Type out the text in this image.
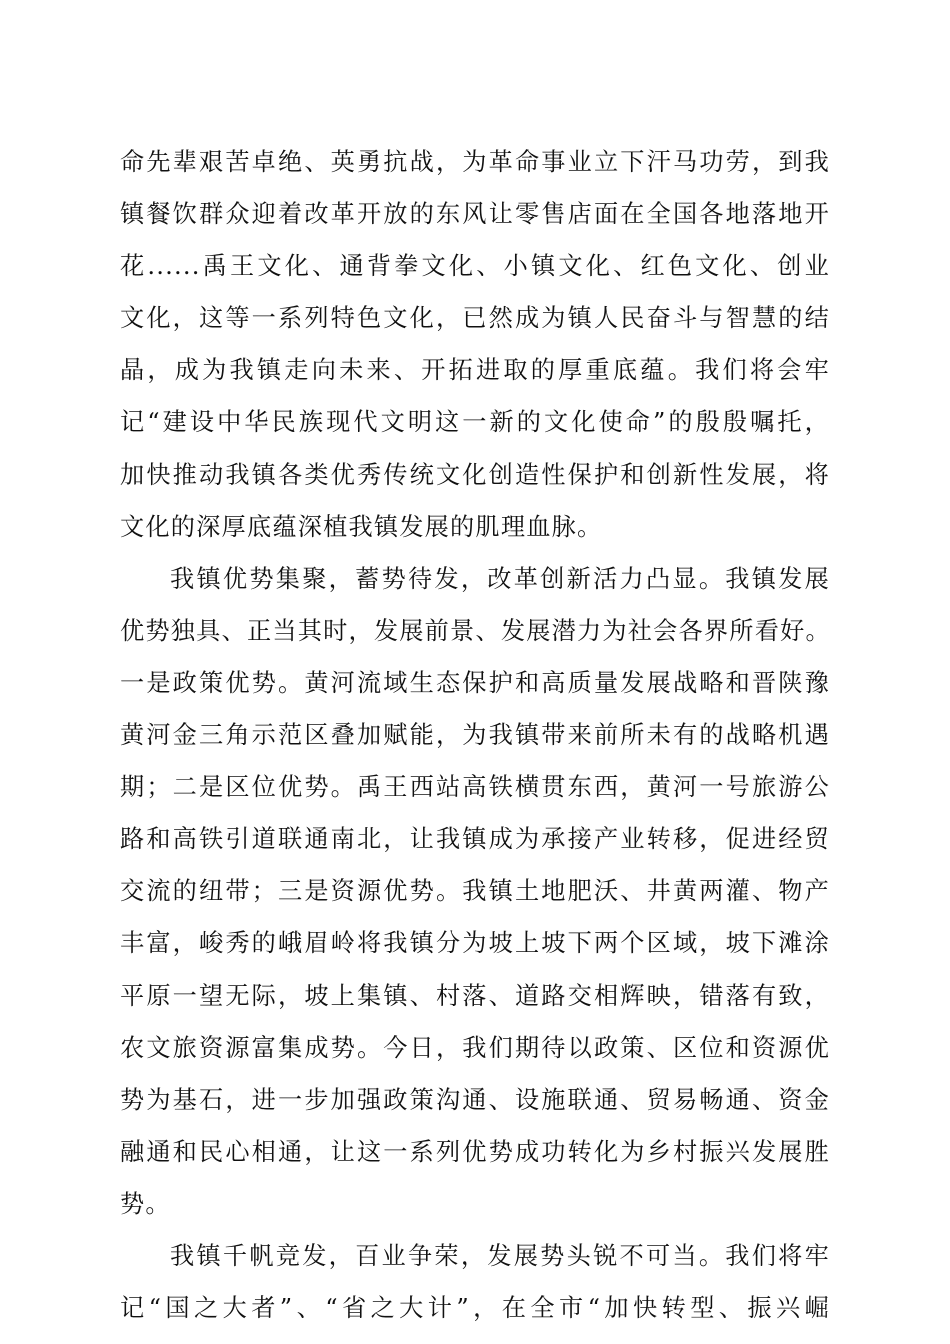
命先辈艰苦卓绝、英勇抗战，为革命事业立下汗马功劳，到我
镇餐饮群众迎着改革开放的东风让零售店面在全国各地落地开
花......禹王文化、通背拳文化、小镇文化、红色文化、创业
文化，这等一系列特色文化，已然成为镇人民奋斗与智慧的结
晶，成为我镇走向未来、开拓进取的厚重底蕴。我们将会牢
记“建设中华民族现代文明这一新的文化使命”的殷殷嘱托，
加快推动我镇各类优秀传统文化创造性保护和创新性发展，将
文化的深厚底蕴深植我镇发展的肌理血脉。
我镇优势集聚，蓄势待发，改革创新活力凸显。我镇发展
优势独具、正当其时，发展前景、发展潜力为社会各界所看好。
一是政策优势。黄河流域生态保护和高质量发展战略和晋陕豫
黄河金三角示范区叠加赋能，为我镇带来前所未有的战略机遇
期；二是区位优势。禹王西站高铁横贯东西，黄河一号旅游公
路和高铁引道联通南北，让我镇成为承接产业转移，促进经贸
交流的纽带；三是资源优势。我镇土地肥沃、井黄两灌、物产
丰富，峻秀的峨眉岭将我镇分为坡上坡下两个区域，坡下滩涂
平原一望无际，坡上集镇、村落、道路交相辉映，错落有致，
农文旅资源富集成势。今日，我们期待以政策、区位和资源优
势为基石，进一步加强政策沟通、设施联通、贸易畅通、资金
融通和民心相通，让这一系列优势成功转化为乡村振兴发展胜
势。
我镇千帆竞发，百业争荣，发展势头锐不可当。我们将牢
记“国之大者”、“省之大计”，在全市“加快转型、振兴崛
